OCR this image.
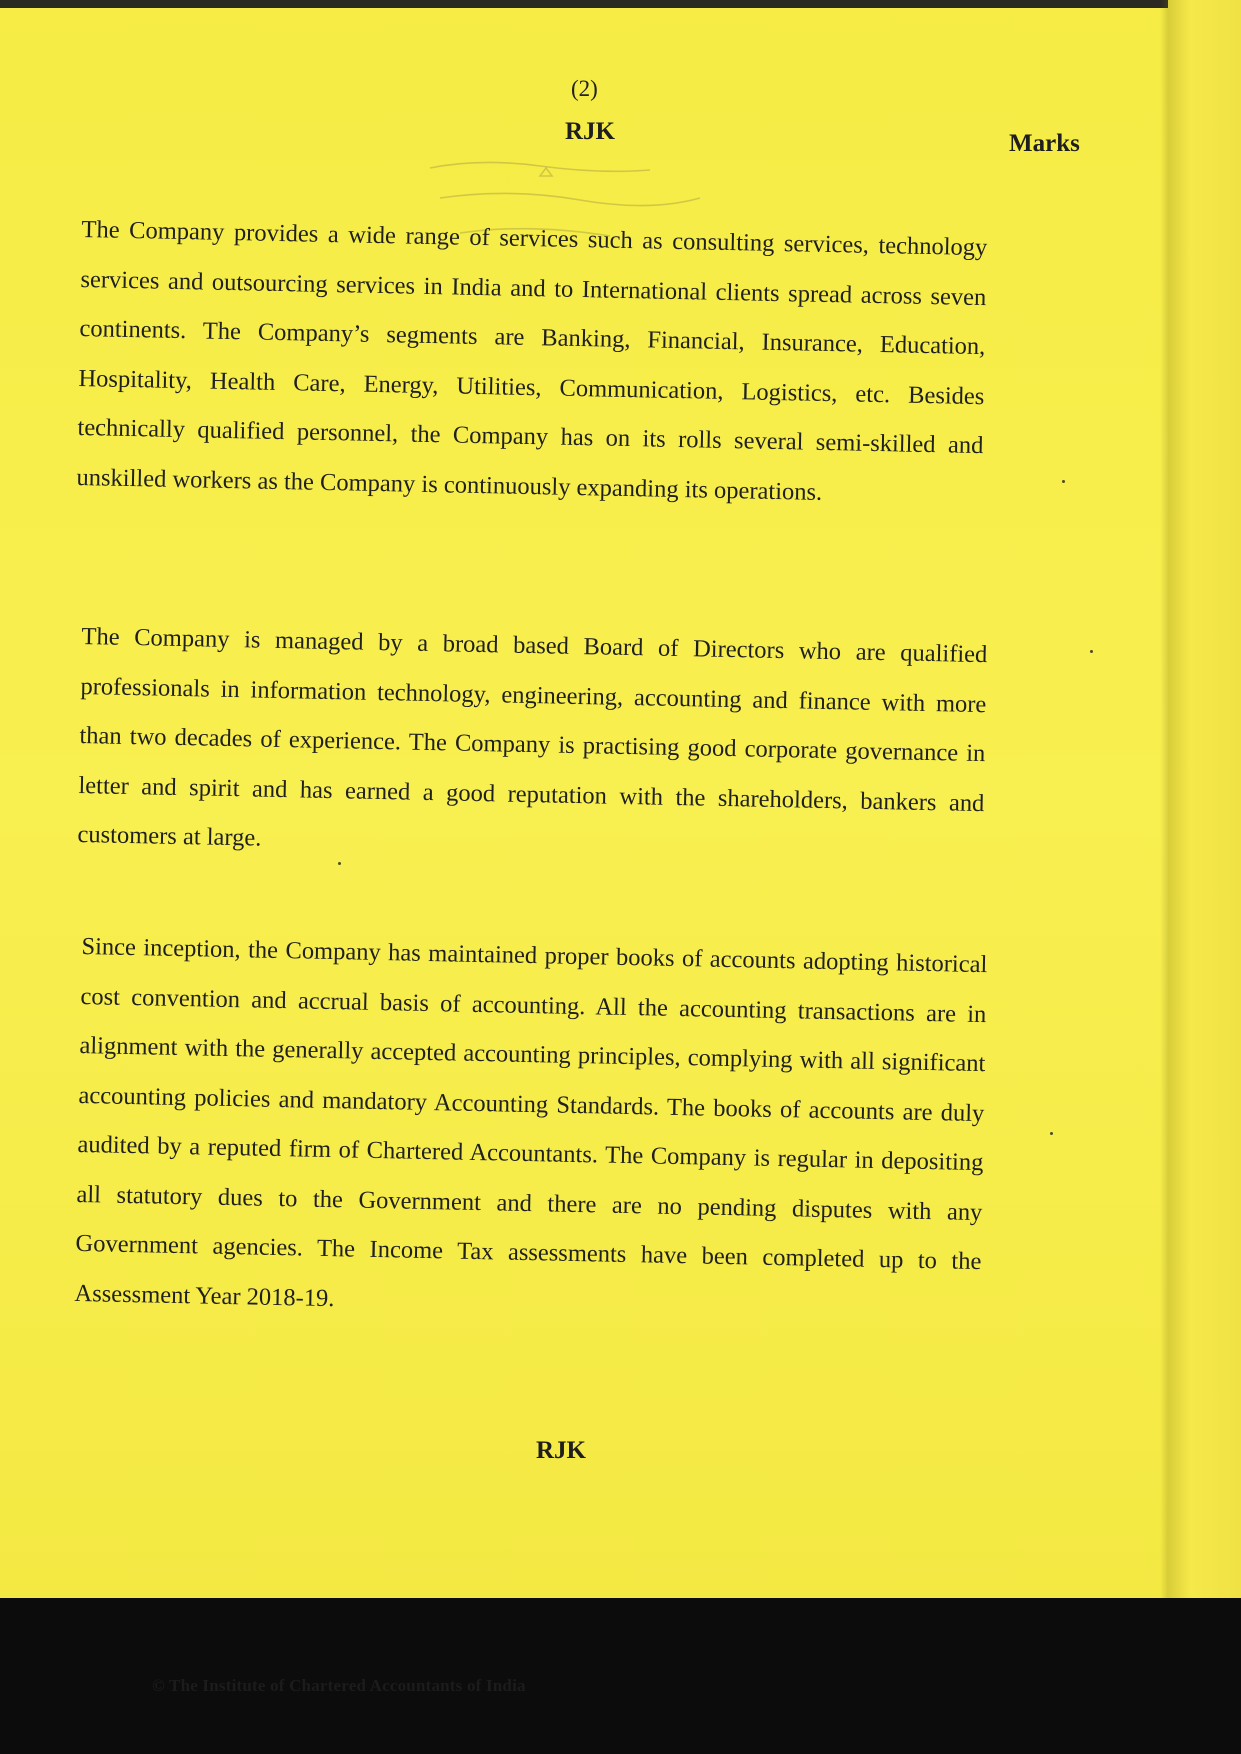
(2)
RJK	Marks

The Company provides a wide range of services such as consulting services, technology services and outsourcing services in India and to International clients spread across seven continents. The Company’s segments are Banking, Financial, Insurance, Education, Hospitality, Health Care, Energy, Utilities, Communication, Logistics, etc. Besides technically qualified personnel, the Company has on its rolls several semi-skilled and unskilled workers as the Company is continuously expanding its operations.

The Company is managed by a broad based Board of Directors who are qualified professionals in information technology, engineering, accounting and finance with more than two decades of experience. The Company is practising good corporate governance in letter and spirit and has earned a good reputation with the shareholders, bankers and customers at large.

Since inception, the Company has maintained proper books of accounts adopting historical cost convention and accrual basis of accounting. All the accounting transactions are in alignment with the generally accepted accounting principles, complying with all significant accounting policies and mandatory Accounting Standards. The books of accounts are duly audited by a reputed firm of Chartered Accountants. The Company is regular in depositing all statutory dues to the Government and there are no pending disputes with any Government agencies. The Income Tax assessments have been completed up to the Assessment Year 2018-19.

RJK
© The Institute of Chartered Accountants of India
